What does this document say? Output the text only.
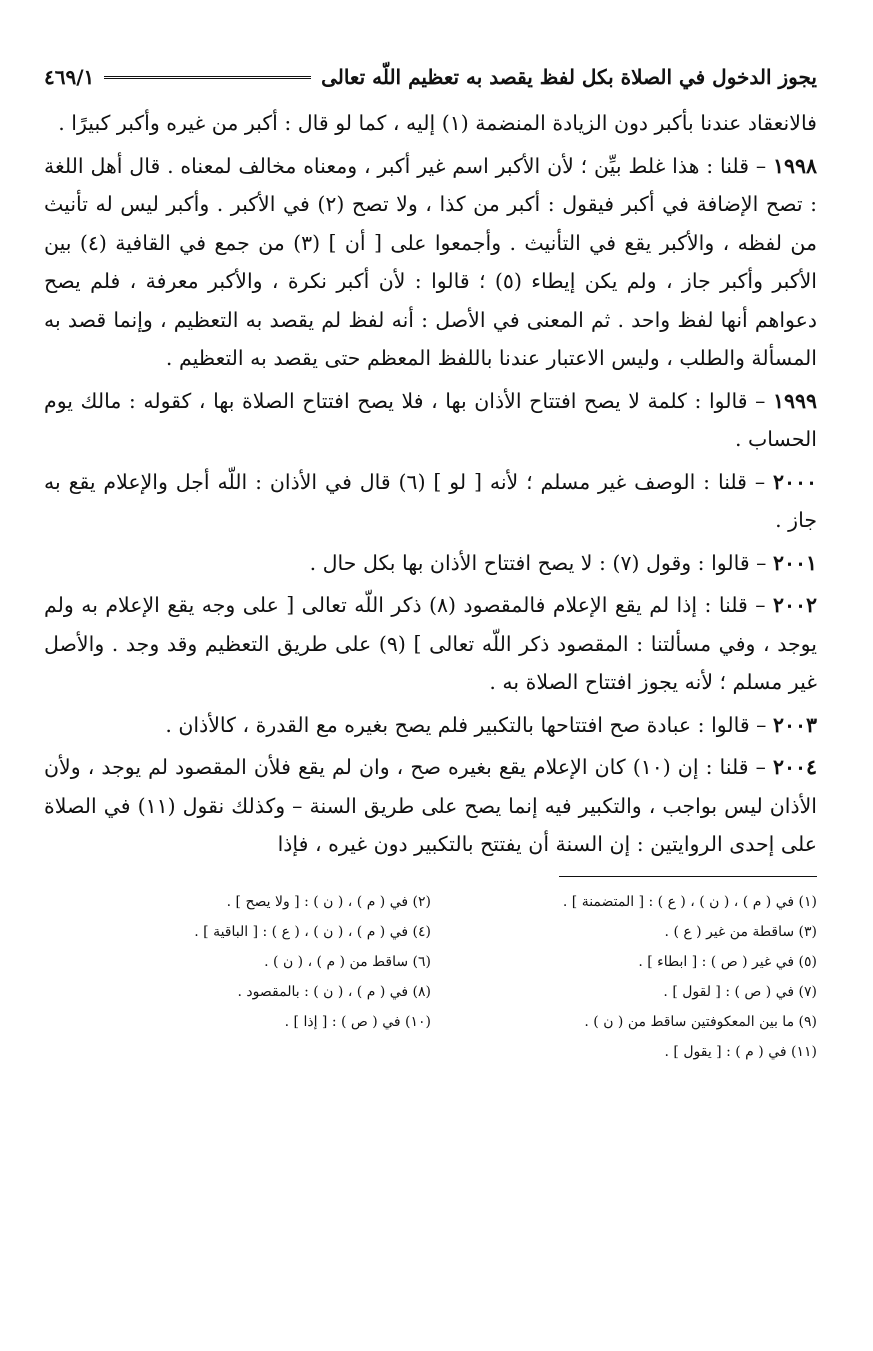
يجوز الدخول في الصلاة بكل لفظ يقصد به تعظيم اللّه تعالى
٤٦٩/١

فالانعقاد عندنا بأكبر دون الزيادة المنضمة (١) إليه ، كما لو قال : أكبر من غيره وأكبر كبيرًا .

١٩٩٨ – قلنا : هذا غلط بيِّن ؛ لأن الأكبر اسم غير أكبر ، ومعناه مخالف لمعناه . قال أهل اللغة : تصح الإضافة في أكبر فيقول : أكبر من كذا ، ولا تصح (٢) في الأكبر . وأكبر ليس له تأنيث من لفظه ، والأكبر يقع في التأنيث . وأجمعوا على [ أن ] (٣) من جمع في القافية (٤) بين الأكبر وأكبر جاز ، ولم يكن إيطاء (٥) ؛ قالوا : لأن أكبر نكرة ، والأكبر معرفة ، فلم يصح دعواهم أنها لفظ واحد . ثم المعنى في الأصل : أنه لفظ لم يقصد به التعظيم ، وإنما قصد به المسألة والطلب ، وليس الاعتبار عندنا باللفظ المعظم حتى يقصد به التعظيم .

١٩٩٩ – قالوا : كلمة لا يصح افتتاح الأذان بها ، فلا يصح افتتاح الصلاة بها ، كقوله : مالك يوم الحساب .

٢٠٠٠ – قلنا : الوصف غير مسلم ؛ لأنه [ لو ] (٦) قال في الأذان : اللّه أجل والإعلام يقع به جاز .

٢٠٠١ – قالوا : وقول (٧) : لا يصح افتتاح الأذان بها بكل حال .

٢٠٠٢ – قلنا : إذا لم يقع الإعلام فالمقصود (٨) ذكر اللّه تعالى [ على وجه يقع الإعلام به ولم يوجد ، وفي مسألتنا : المقصود ذكر اللّه تعالى ] (٩) على طريق التعظيم وقد وجد . والأصل غير مسلم ؛ لأنه يجوز افتتاح الصلاة به .

٢٠٠٣ – قالوا : عبادة صح افتتاحها بالتكبير فلم يصح بغيره مع القدرة ، كالأذان .

٢٠٠٤ – قلنا : إن (١٠) كان الإعلام يقع بغيره صح ، وان لم يقع فلأن المقصود لم يوجد ، ولأن الأذان ليس بواجب ، والتكبير فيه إنما يصح على طريق السنة – وكذلك نقول (١١) في الصلاة على إحدى الروايتين : إن السنة أن يفتتح بالتكبير دون غيره ، فإذا

(١) في ( م ) ، ( ن ) ، ( ع ) : [ المتضمنة ] .
(٢) في ( م ) ، ( ن ) : [ ولا يصح ] .
(٣) ساقطة من غير ( ع ) .
(٤) في ( م ) ، ( ن ) ، ( ع ) : [ الباقية ] .
(٥) في غير ( ص ) : [ ابطاء ] .
(٦) ساقط من ( م ) ، ( ن ) .
(٧) في ( ص ) : [ لقول ] .
(٨) في ( م ) ، ( ن ) : بالمقصود .
(٩) ما بين المعكوفتين ساقط من ( ن ) .
(١٠) في ( ص ) : [ إذا ] .
(١١) في ( م ) : [ يقول ] .
